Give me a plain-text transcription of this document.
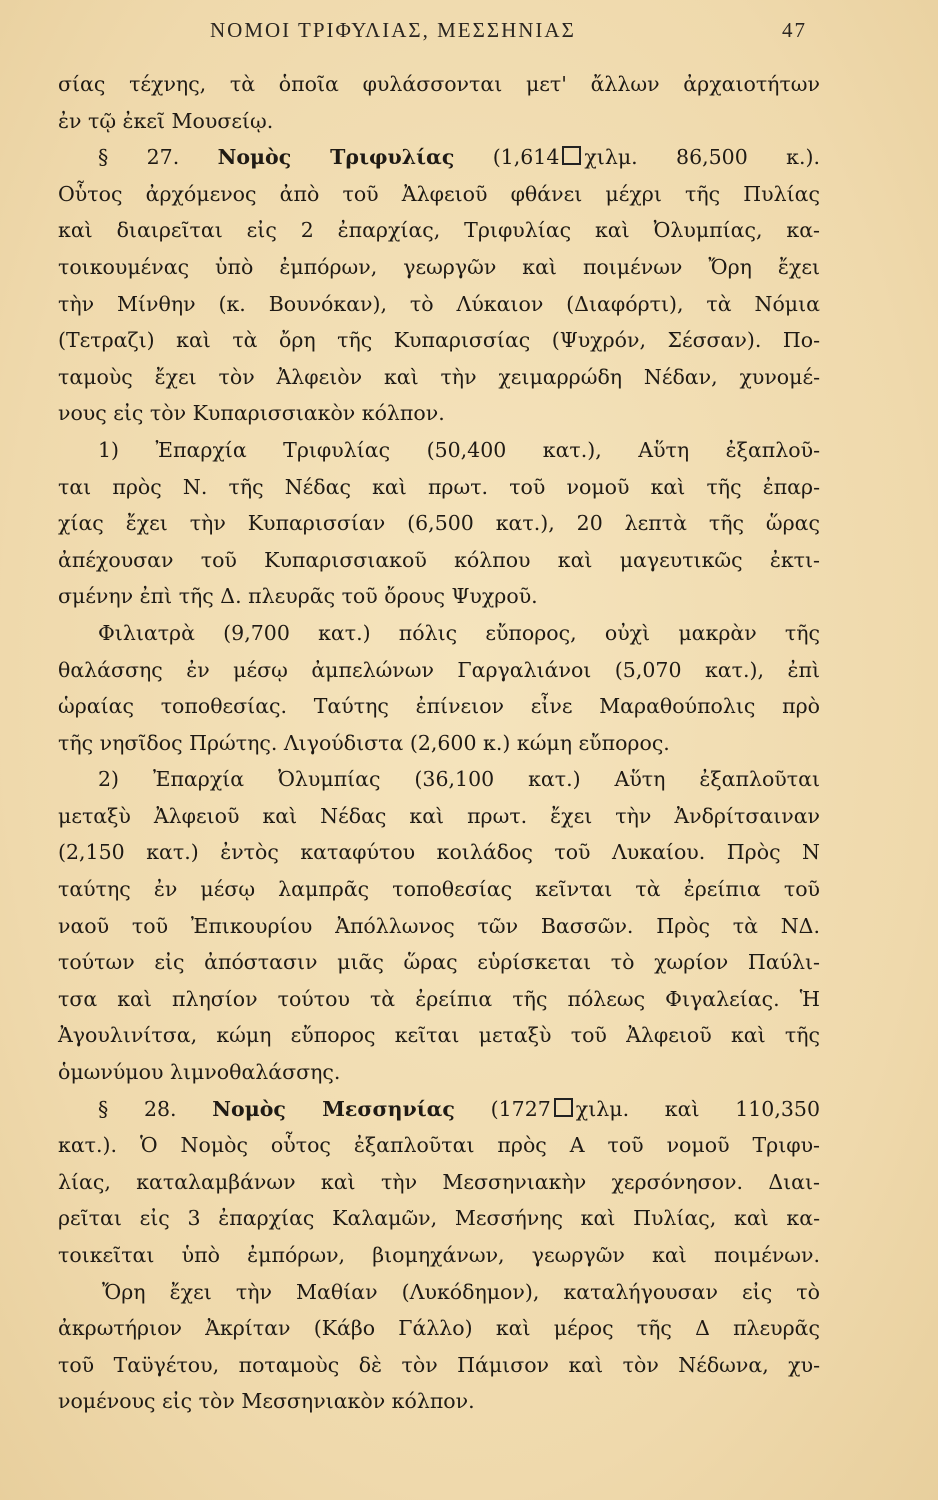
ΝΟΜΟΙ ΤΡΙΦΥΛΙΑΣ, ΜΕΣΣΗΝΙΑΣ	47
σίας τέχνης, τὰ ὁποῖα φυλάσσονται μετ' ἄλλων ἀρχαιοτήτων
ἐν τῷ ἐκεῖ Μουσείῳ.
§ 27. Νομὸς Τριφυλίας (1,614 χιλμ. 86,500 κ.).
Οὗτος ἀρχόμενος ἀπὸ τοῦ Ἀλφειοῦ φθάνει μέχρι τῆς Πυλίας
καὶ διαιρεῖται εἰς 2 ἐπαρχίας, Τριφυλίας καὶ Ὀλυμπίας, κα-
τοικουμένας ὑπὸ ἐμπόρων, γεωργῶν καὶ ποιμένων Ὄρη ἔχει
τὴν Μίνθην (κ. Βουνόκαν), τὸ Λύκαιον (Διαφόρτι), τὰ Νόμια
(Τετραζι) καὶ τὰ ὄρη τῆς Κυπαρισσίας (Ψυχρόν, Σέσσαν). Πο-
ταμοὺς ἔχει τὸν Ἀλφειὸν καὶ τὴν χειμαρρώδη Νέδαν, χυνομέ-
νους εἰς τὸν Κυπαρισσιακὸν κόλπον.
1) Ἐπαρχία Τριφυλίας (50,400 κατ.), Αὕτη ἐξαπλοῦ-
ται πρὸς Ν. τῆς Νέδας καὶ πρωτ. τοῦ νομοῦ καὶ τῆς ἐπαρ-
χίας ἔχει τὴν Κυπαρισσίαν (6,500 κατ.), 20 λεπτὰ τῆς ὥρας
ἀπέχουσαν τοῦ Κυπαρισσιακοῦ κόλπου καὶ μαγευτικῶς ἐκτι-
σμένην ἐπὶ τῆς Δ. πλευρᾶς τοῦ ὄρους Ψυχροῦ.
Φιλιατρὰ (9,700 κατ.) πόλις εὔπορος, οὐχὶ μακρὰν τῆς
θαλάσσης ἐν μέσῳ ἀμπελώνων Γαργαλιάνοι (5,070 κατ.), ἐπὶ
ὡραίας τοποθεσίας. Ταύτης ἐπίνειον εἶνε Μαραθούπολις πρὸ
τῆς νησῖδος Πρώτης. Λιγούδιστα (2,600 κ.) κώμη εὔπορος.
2) Ἐπαρχία Ὀλυμπίας (36,100 κατ.) Αὕτη ἐξαπλοῦται
μεταξὺ Ἀλφειοῦ καὶ Νέδας καὶ πρωτ. ἔχει τὴν Ἀνδρίτσαιναν
(2,150 κατ.) ἐντὸς καταφύτου κοιλάδος τοῦ Λυκαίου. Πρὸς Ν
ταύτης ἐν μέσῳ λαμπρᾶς τοποθεσίας κεῖνται τὰ ἐρείπια τοῦ
ναοῦ τοῦ Ἐπικουρίου Ἀπόλλωνος τῶν Βασσῶν. Πρὸς τὰ ΝΔ.
τούτων εἰς ἀπόστασιν μιᾶς ὥρας εὑρίσκεται τὸ χωρίον Παύλι-
τσα καὶ πλησίον τούτου τὰ ἐρείπια τῆς πόλεως Φιγαλείας. Ἡ
Ἀγουλινίτσα, κώμη εὔπορος κεῖται μεταξὺ τοῦ Ἀλφειοῦ καὶ τῆς
ὁμωνύμου λιμνοθαλάσσης.
§ 28. Νομὸς Μεσσηνίας (1727 χιλμ. καὶ 110,350
κατ.). Ὁ Νομὸς οὗτος ἐξαπλοῦται πρὸς Α τοῦ νομοῦ Τριφυ-
λίας, καταλαμβάνων καὶ τὴν Μεσσηνιακὴν χερσόνησον. Διαι-
ρεῖται εἰς 3 ἐπαρχίας Καλαμῶν, Μεσσήνης καὶ Πυλίας, καὶ κα-
τοικεῖται ὑπὸ ἐμπόρων, βιομηχάνων, γεωργῶν καὶ ποιμένων.
Ὄρη ἔχει τὴν Μαθίαν (Λυκόδημον), καταλήγουσαν εἰς τὸ
ἀκρωτήριον Ἀκρίταν (Κάβο Γάλλο) καὶ μέρος τῆς Δ πλευρᾶς
τοῦ Ταϋγέτου, ποταμοὺς δὲ τὸν Πάμισον καὶ τὸν Νέδωνα, χυ-
νομένους εἰς τὸν Μεσσηνιακὸν κόλπον.
